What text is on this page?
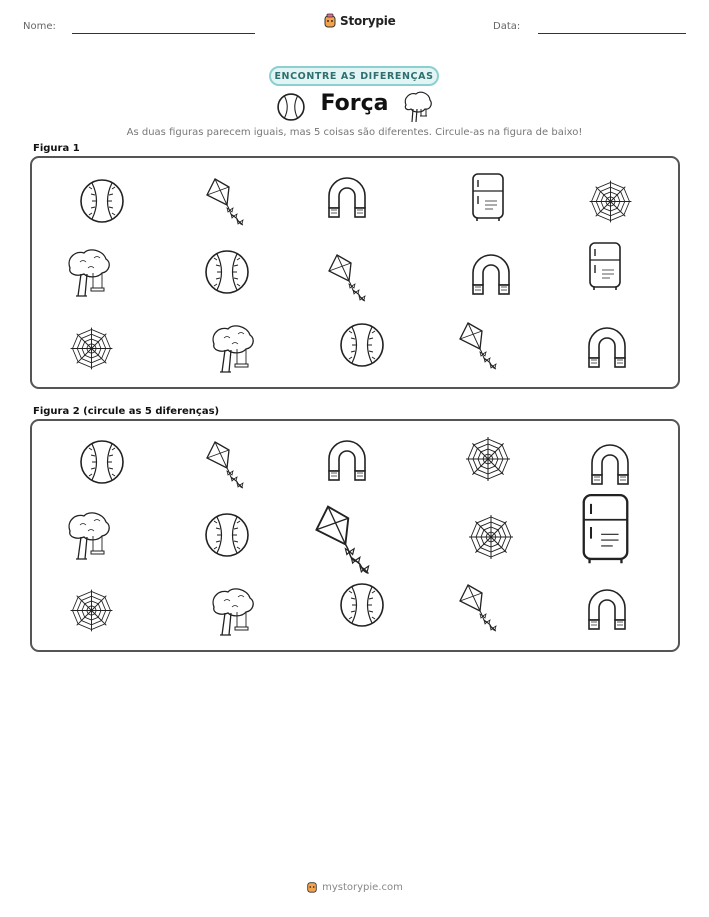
Nome:	Storypie	Data:
ENCONTRE AS DIFERENÇAS
Força
As duas figuras parecem iguais, mas 5 coisas são diferentes. Circule-as na figura de baixo!
Figura 1
Figura 2 (circule as 5 diferenças)
mystorypie.com
